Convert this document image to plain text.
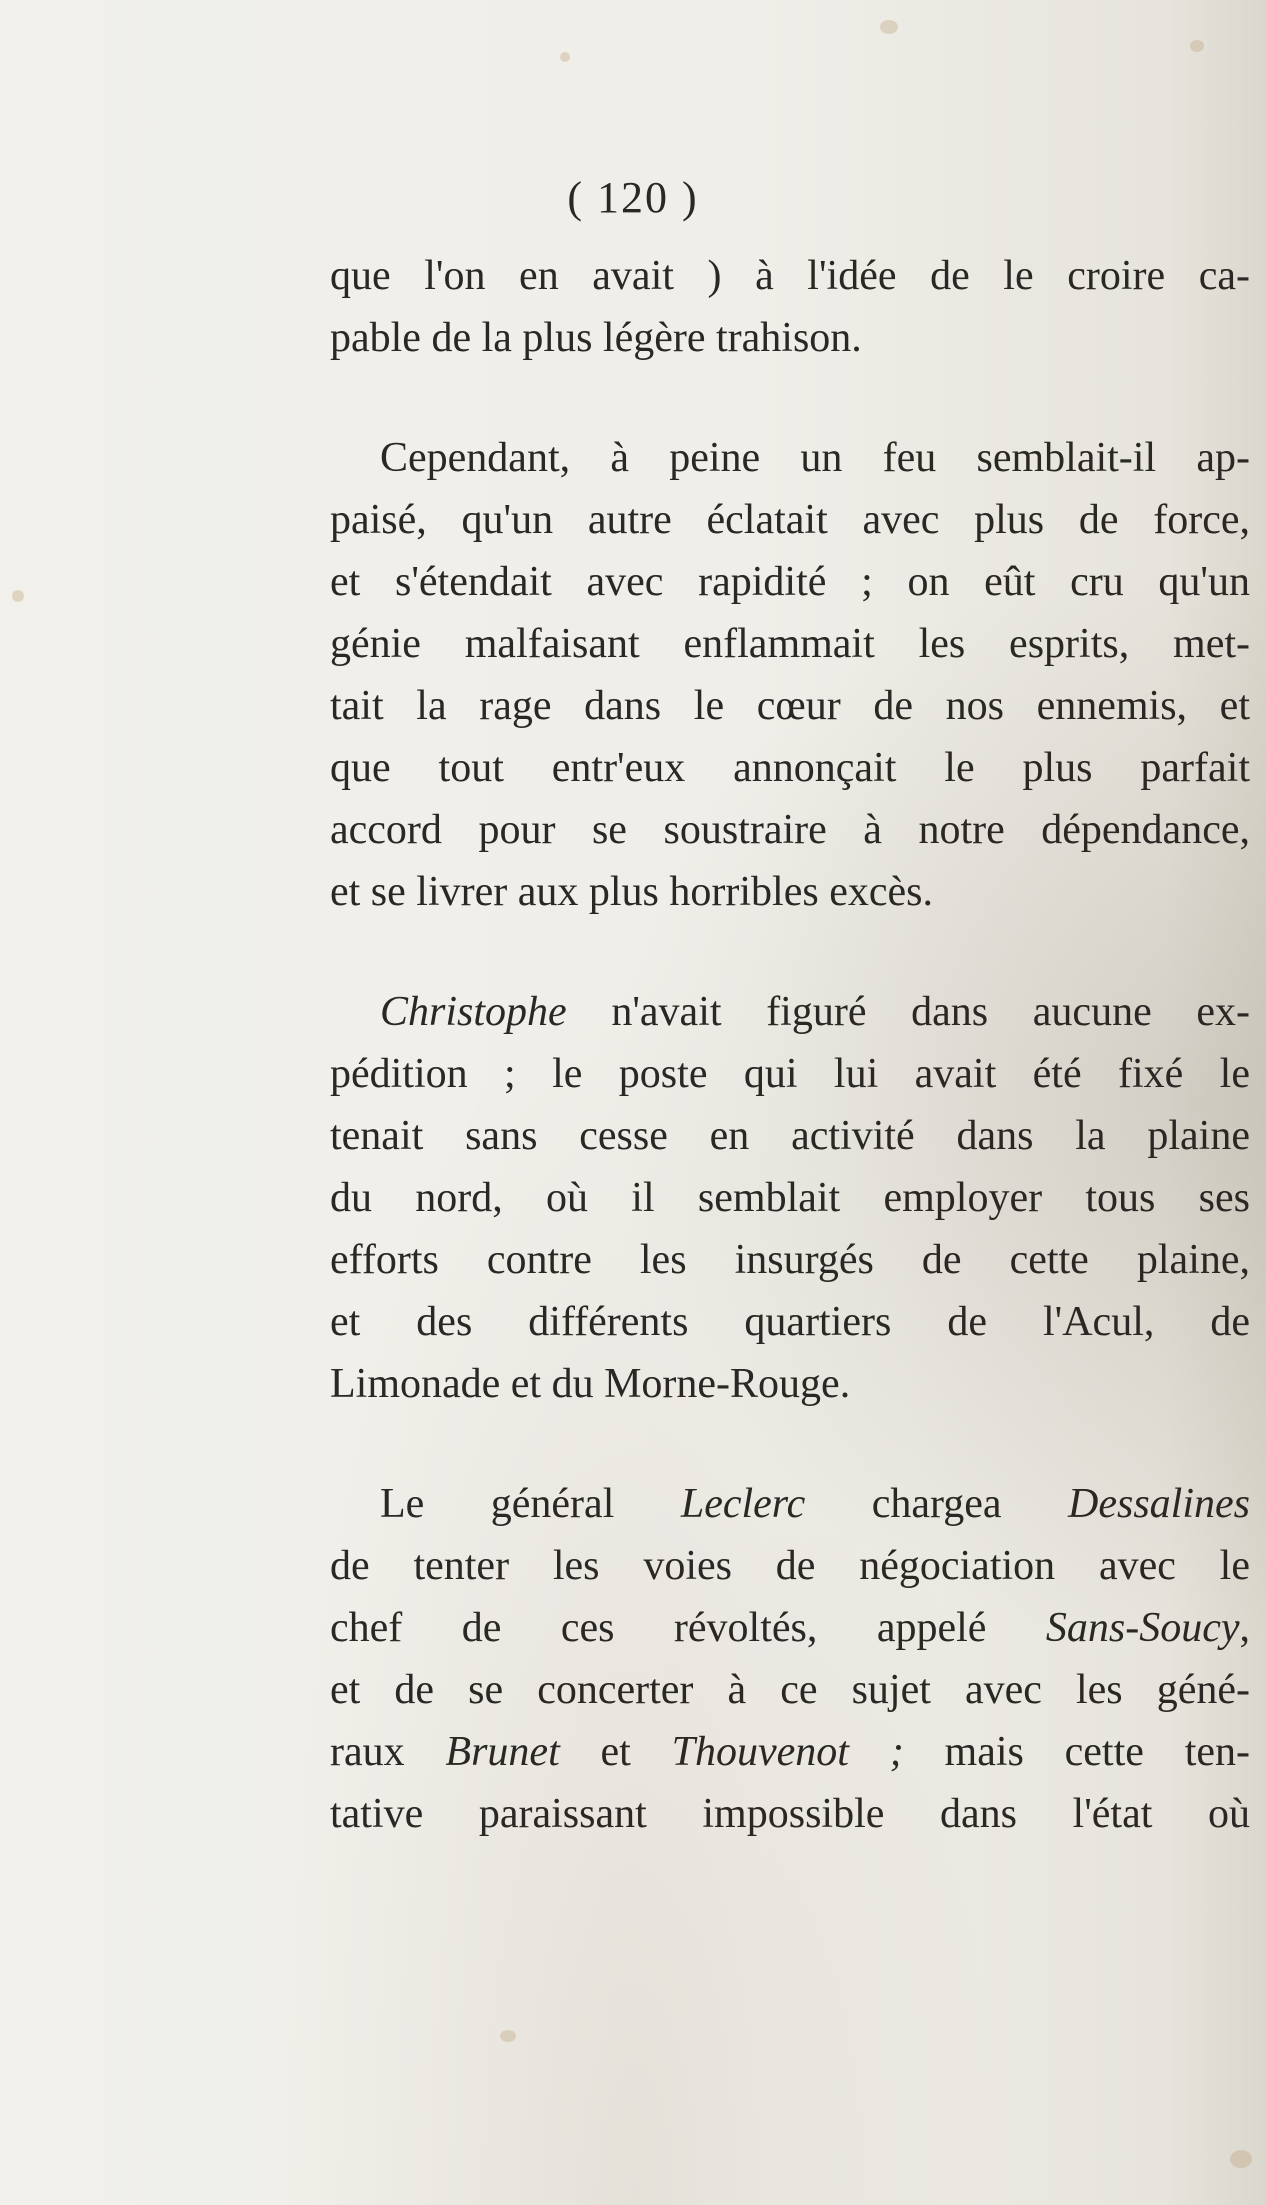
( 120 )
que l'on en avait ) à l'idée de le croire ca-
pable de la plus légère trahison.
Cependant, à peine un feu semblait-il ap-
paisé, qu'un autre éclatait avec plus de force,
et s'étendait avec rapidité ; on eût cru qu'un
génie malfaisant enflammait les esprits, met-
tait la rage dans le cœur de nos ennemis, et
que tout entr'eux annonçait le plus parfait
accord pour se soustraire à notre dépendance,
et se livrer aux plus horribles excès.
Christophe n'avait figuré dans aucune ex-
pédition ; le poste qui lui avait été fixé le
tenait sans cesse en activité dans la plaine
du nord, où il semblait employer tous ses
efforts contre les insurgés de cette plaine,
et des différents quartiers de l'Acul, de
Limonade et du Morne-Rouge.
Le général Leclerc chargea Dessalines
de tenter les voies de négociation avec le
chef de ces révoltés, appelé Sans-Soucy,
et de se concerter à ce sujet avec les géné-
raux Brunet et Thouvenot ; mais cette ten-
tative paraissant impossible dans l'état où
